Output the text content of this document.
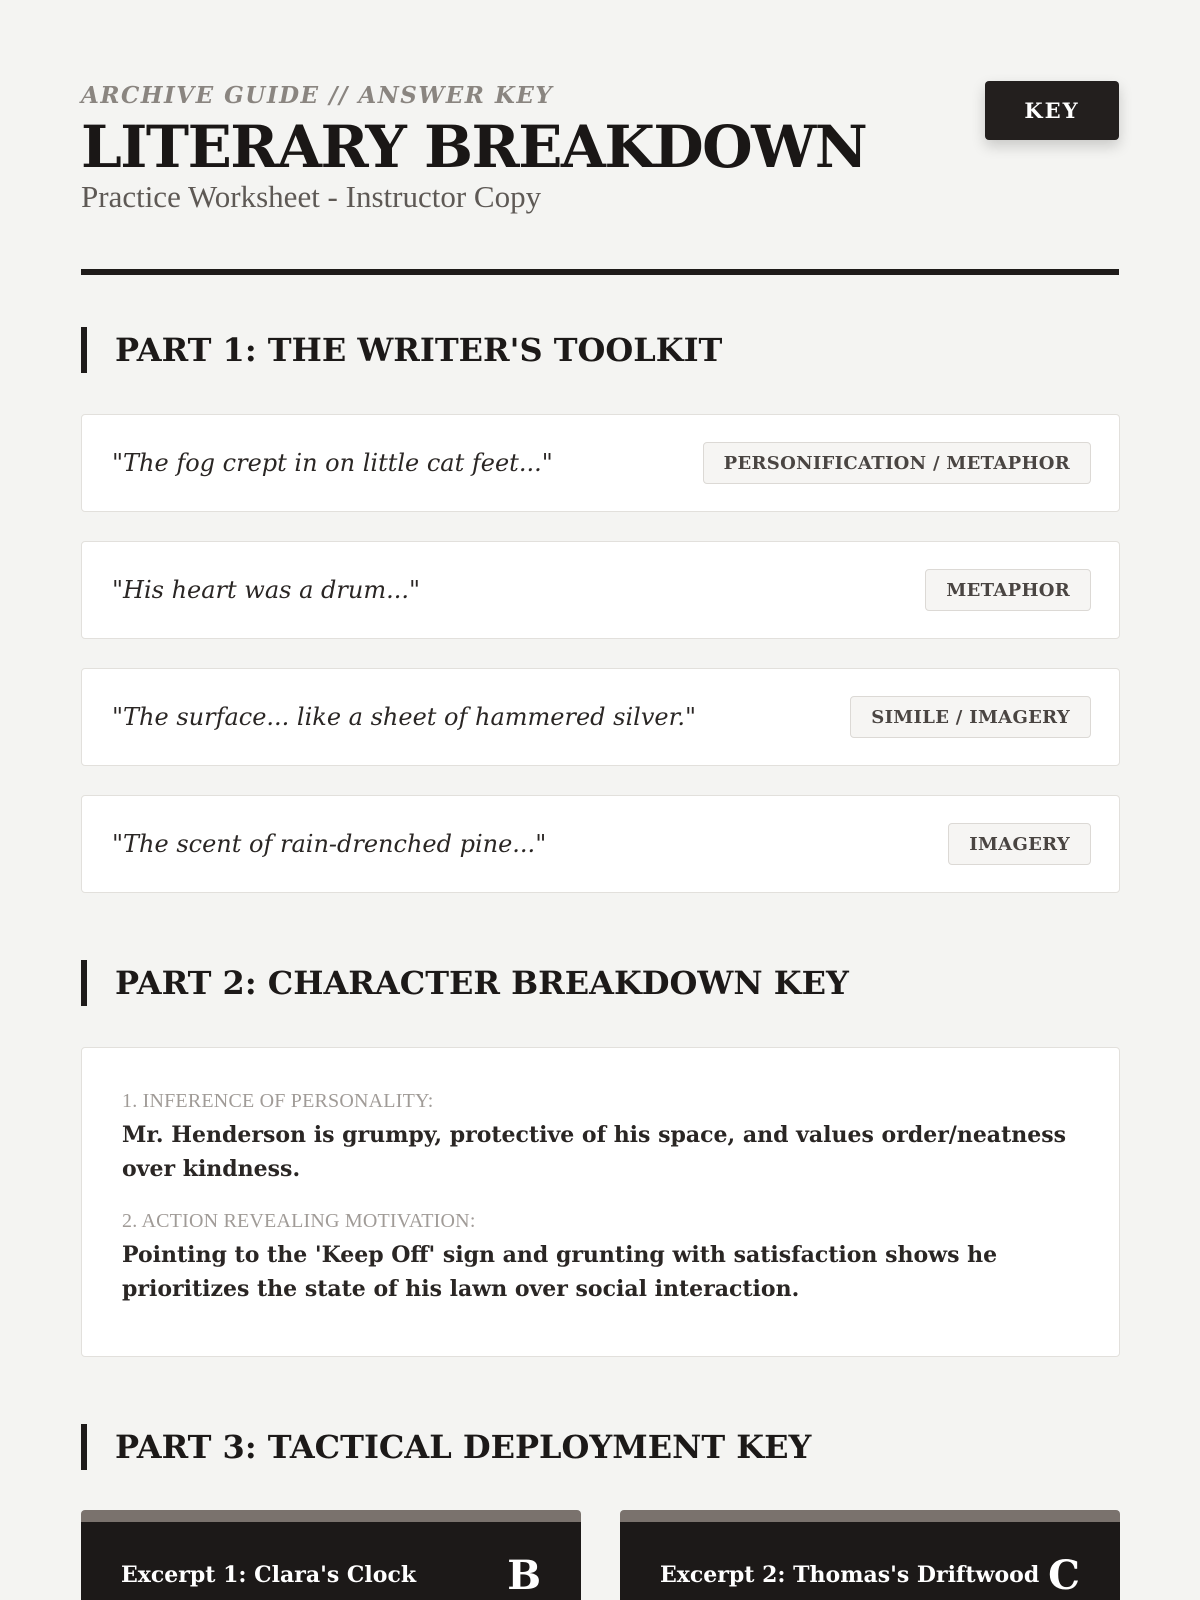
ARCHIVE GUIDE // ANSWER KEY
LITERARY BREAKDOWN
Practice Worksheet - Instructor Copy
KEY
PART 1: THE WRITER'S TOOLKIT
"The fog crept in on little cat feet..."	PERSONIFICATION / METAPHOR
"His heart was a drum..."	METAPHOR
"The surface... like a sheet of hammered silver."	SIMILE / IMAGERY
"The scent of rain-drenched pine..."	IMAGERY
PART 2: CHARACTER BREAKDOWN KEY
1. INFERENCE OF PERSONALITY:
Mr. Henderson is grumpy, protective of his space, and values order/neatness over kindness.
2. ACTION REVEALING MOTIVATION:
Pointing to the 'Keep Off' sign and grunting with satisfaction shows he prioritizes the state of his lawn over social interaction.
PART 3: TACTICAL DEPLOYMENT KEY
Excerpt 1: Clara's Clock B	Excerpt 2: Thomas's Driftwood C
